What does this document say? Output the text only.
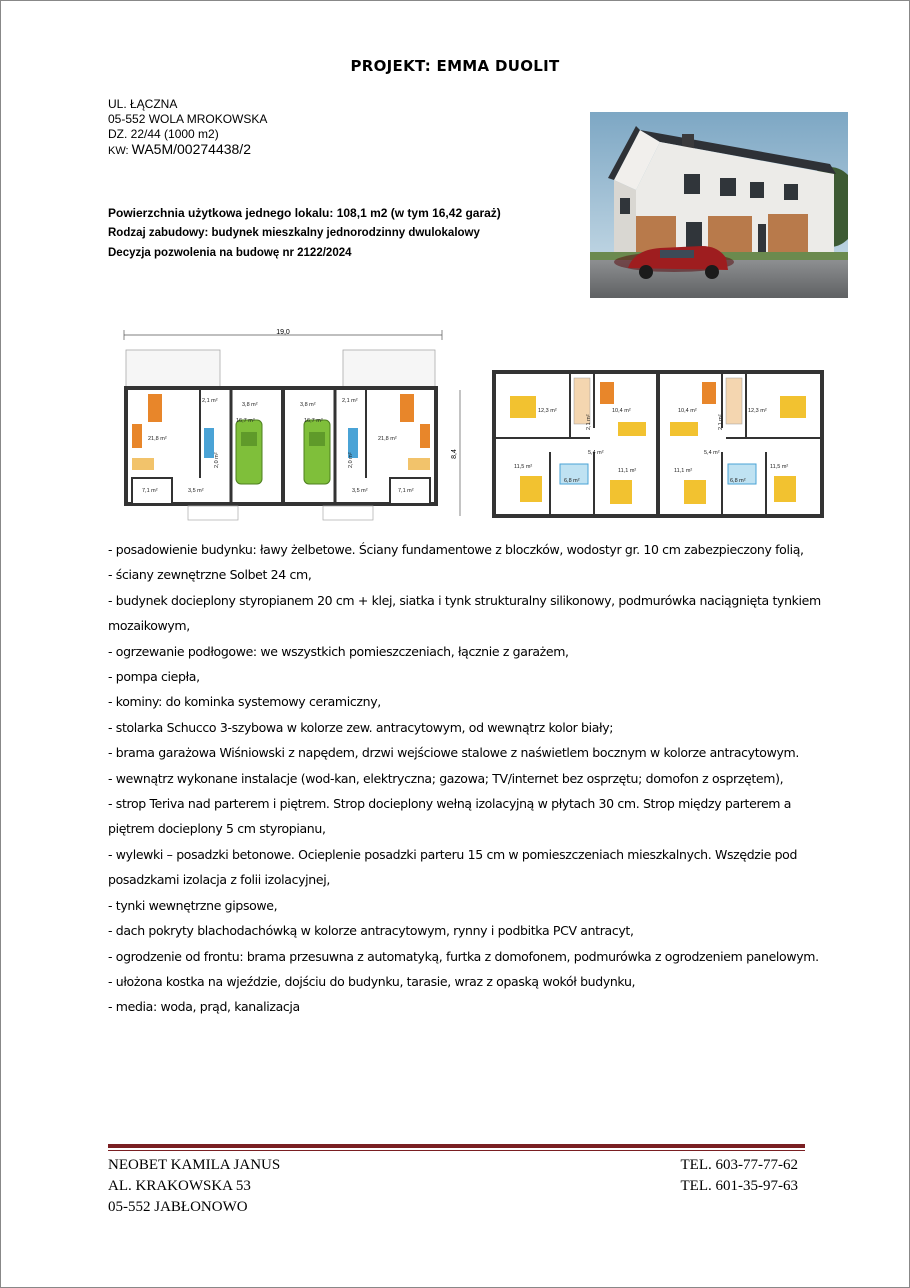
PROJEKT: EMMA DUOLIT
UL. ŁĄCZNA
05-552 WOLA MROKOWSKA
DZ. 22/44 (1000 m2)
KW: WA5M/00274438/2
Powierzchnia użytkowa jednego lokalu: 108,1 m2 (w tym 16,42 garaż)
Rodzaj zabudowy: budynek mieszkalny jednorodzinny dwulokalowy
Decyzja pozwolenia na budowę nr 2122/2024
19,0
8,4
21,8 m²
3,8 m²
2,1 m²
16,7 m²	16,7 m²
3,8 m²
2,1 m²
21,8 m²
3,5 m²
7,1 m²	3,5 m²	7,1 m²
2,0 m²	2,0 m²
12,3 m²	10,4 m²	10,4 m²	12,3 m²
2,1 m²	2,1 m²
5,4 m²	5,4 m²
11,5 m²
6,8 m²
11,1 m²	11,1 m²
6,8 m²
11,5 m²

- posadowienie budynku: ławy żelbetowe. Ściany fundamentowe z bloczków, wodostyr gr. 10 cm zabezpieczony folią,

- ściany zewnętrzne Solbet 24 cm,

- budynek docieplony styropianem 20 cm + klej, siatka i tynk strukturalny silikonowy, podmurówka naciągnięta tynkiem

mozaikowym,

- ogrzewanie podłogowe: we wszystkich pomieszczeniach, łącznie z garażem,

- pompa ciepła,

- kominy: do kominka systemowy ceramiczny,

- stolarka Schucco 3-szybowa w kolorze zew. antracytowym, od wewnątrz kolor biały;

- brama garażowa Wiśniowski z napędem, drzwi wejściowe stalowe z naświetlem bocznym w kolorze antracytowym.

- wewnątrz wykonane instalacje (wod-kan, elektryczna; gazowa; TV/internet bez osprzętu; domofon z osprzętem),

- strop Teriva nad parterem i piętrem. Strop docieplony wełną izolacyjną w płytach 30 cm. Strop między parterem a

piętrem docieplony 5 cm styropianu,

- wylewki – posadzki betonowe. Ocieplenie posadzki parteru 15 cm w pomieszczeniach mieszkalnych. Wszędzie pod

posadzkami izolacja z folii izolacyjnej,

- tynki wewnętrzne gipsowe,

- dach pokryty blachodachówką w kolorze antracytowym, rynny i podbitka PCV antracyt,

- ogrodzenie od frontu: brama przesuwna z automatyką, furtka z domofonem, podmurówka z ogrodzeniem panelowym.

- ułożona kostka na wjeździe, dojściu do budynku, tarasie, wraz z opaską wokół budynku,

- media: woda, prąd, kanalizacja

NEOBET KAMILA JANUS
AL. KRAKOWSKA 53
05-552 JABŁONOWO
TEL. 603-77-77-62
TEL. 601-35-97-63
